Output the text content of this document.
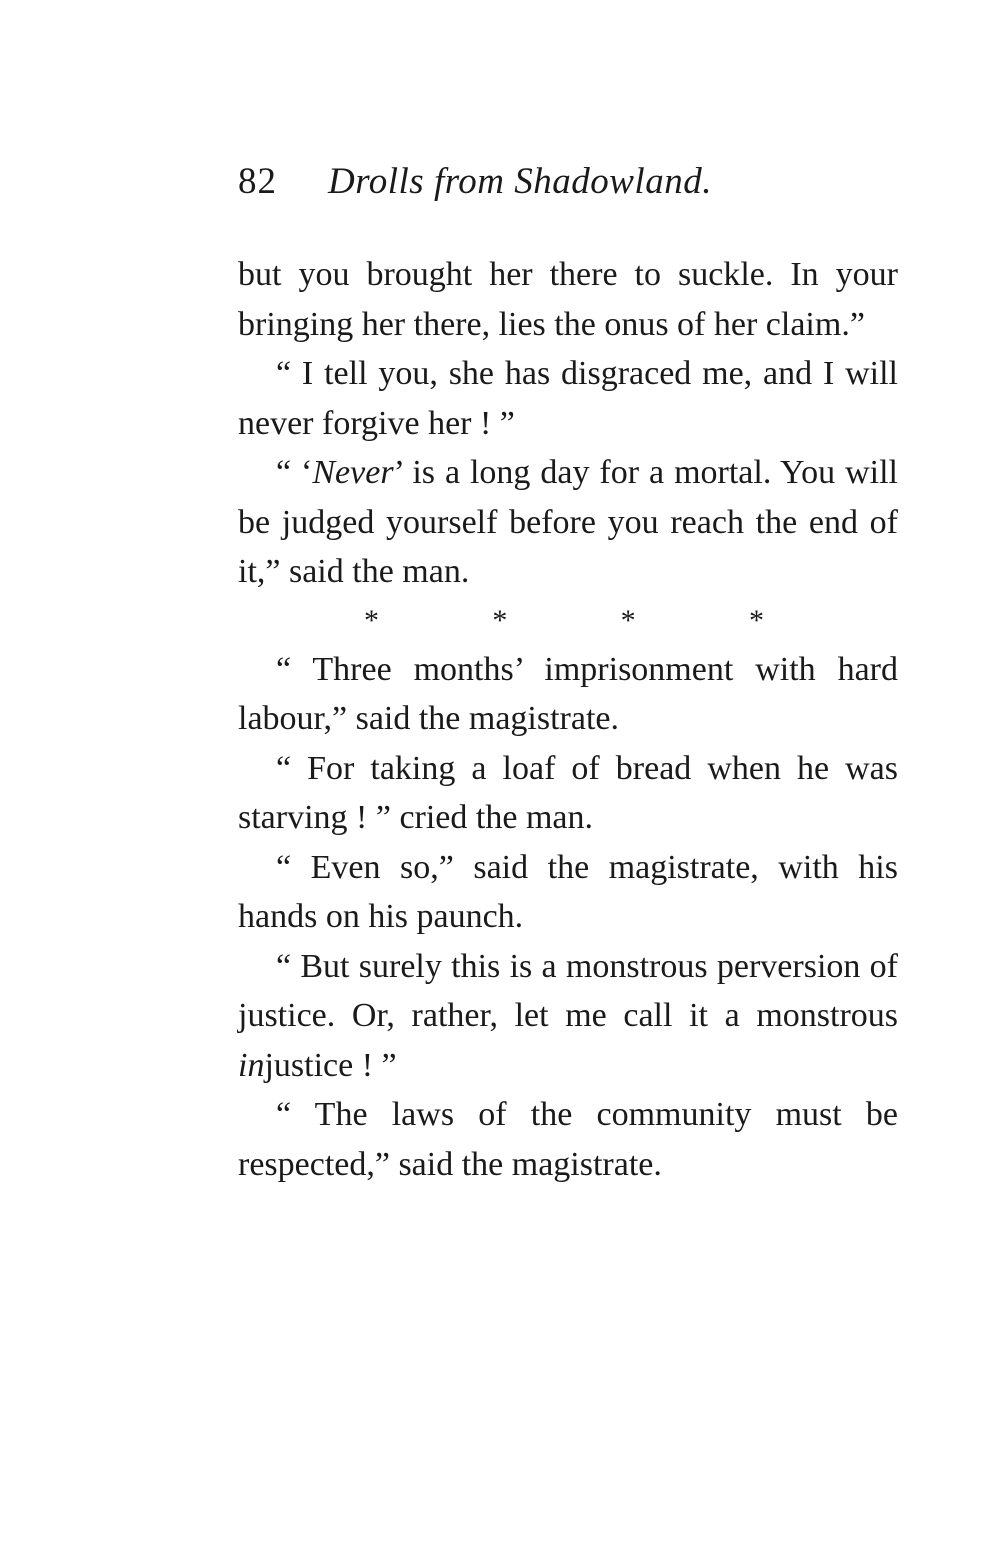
82	Drolls from Shadowland.

but you brought her there to suckle. In your bringing her there, lies the onus of her claim.”

“ I tell you, she has disgraced me, and I will never forgive her ! ”

“ ‘Never’ is a long day for a mortal. You will be judged yourself before you reach the end of it,” said the man.

*	*	*	*

“ Three months’ imprisonment with hard labour,” said the magistrate.

“ For taking a loaf of bread when he was starving ! ” cried the man.

“ Even so,” said the magistrate, with his hands on his paunch.

“ But surely this is a monstrous perversion of justice. Or, rather, let me call it a monstrous injustice ! ”

“ The laws of the community must be respected,” said the magistrate.
